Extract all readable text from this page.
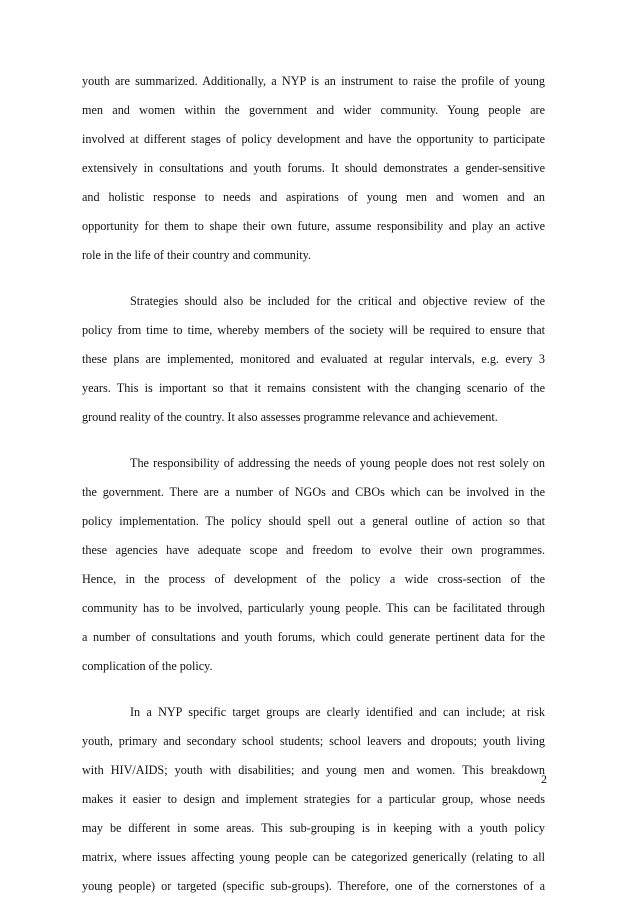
youth are summarized. Additionally, a NYP is an instrument to raise the profile of young
men and women within the government and wider community. Young people are
involved at different stages of policy development and have the opportunity to participate
extensively in consultations and youth forums. It should demonstrates a gender-sensitive
and holistic response to needs and aspirations of young men and women and an
opportunity for them to shape their own future, assume responsibility and play an active
role in the life of their country and community.
Strategies should also be included for the critical and objective review of the
policy from time to time, whereby members of the society will be required to ensure that
these plans are implemented, monitored and evaluated at regular intervals, e.g. every 3
years. This is important so that it remains consistent with the changing scenario of the
ground reality of the country. It also assesses programme relevance and achievement.
The responsibility of addressing the needs of young people does not rest solely on
the government. There are a number of NGOs and CBOs which can be involved in the
policy implementation. The policy should spell out a general outline of action so that
these agencies have adequate scope and freedom to evolve their own programmes.
Hence, in the process of development of the policy a wide cross-section of the
community has to be involved, particularly young people. This can be facilitated through
a number of consultations and youth forums, which could generate pertinent data for the
complication of the policy.
In a NYP specific target groups are clearly identified and can include; at risk
youth, primary and secondary school students; school leavers and dropouts; youth living
with HIV/AIDS; youth with disabilities; and young men and women. This breakdown
makes it easier to design and implement strategies for a particular group, whose needs
may be different in some areas. This sub-grouping is in keeping with a youth policy
matrix, where issues affecting young people can be categorized generically (relating to all
young people) or targeted (specific sub-groups). Therefore, one of the cornerstones of a
2
